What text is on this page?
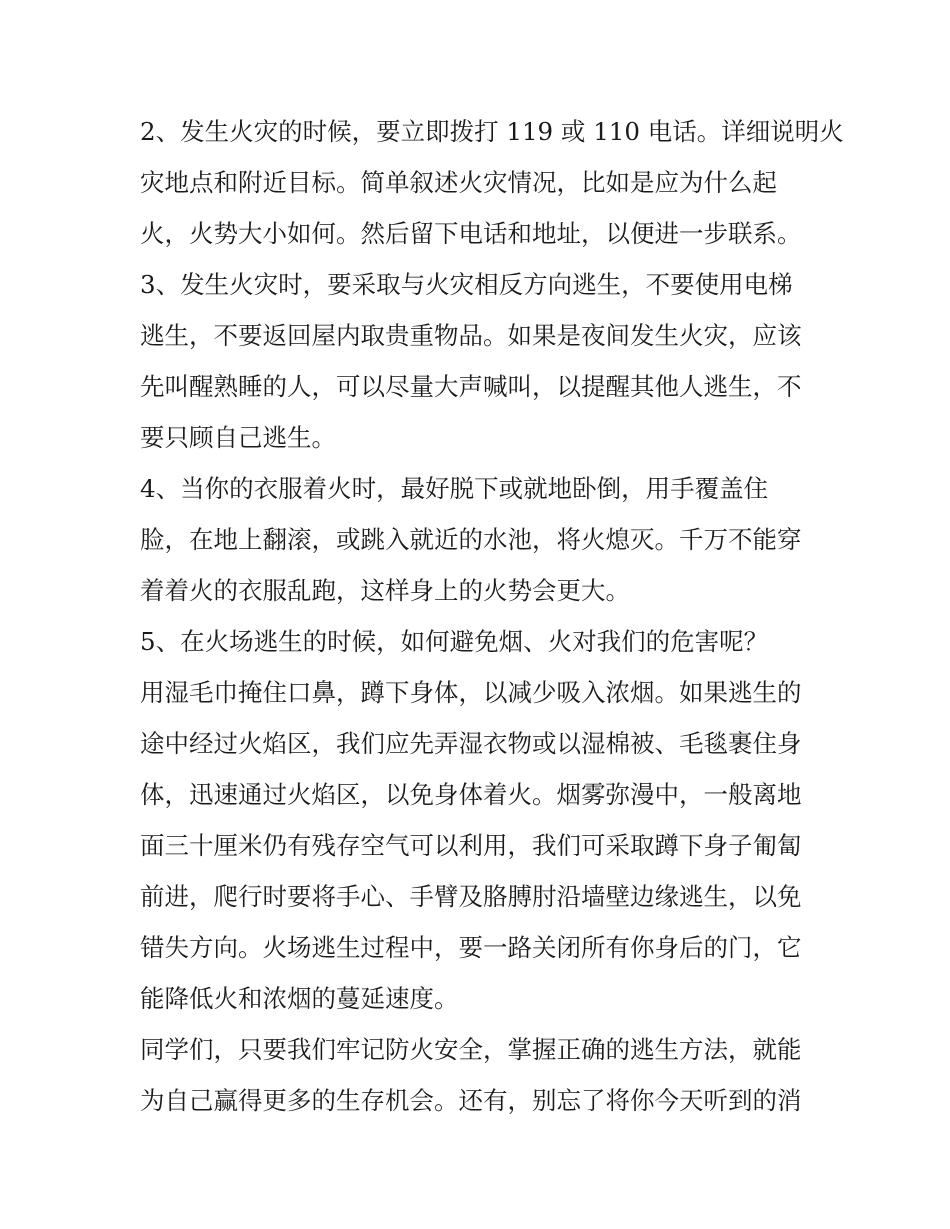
2、发生火灾的时候，要立即拨打 119 或 110 电话。详细说明火
灾地点和附近目标。简单叙述火灾情况，比如是应为什么起
火，火势大小如何。然后留下电话和地址，以便进一步联系。
3、发生火灾时，要采取与火灾相反方向逃生，不要使用电梯
逃生，不要返回屋内取贵重物品。如果是夜间发生火灾，应该
先叫醒熟睡的人，可以尽量大声喊叫，以提醒其他人逃生，不
要只顾自己逃生。
4、当你的衣服着火时，最好脱下或就地卧倒，用手覆盖住
脸，在地上翻滚，或跳入就近的水池，将火熄灭。千万不能穿
着着火的衣服乱跑，这样身上的火势会更大。
5、在火场逃生的时候，如何避免烟、火对我们的危害呢？
用湿毛巾掩住口鼻，蹲下身体，以减少吸入浓烟。如果逃生的
途中经过火焰区，我们应先弄湿衣物或以湿棉被、毛毯裹住身
体，迅速通过火焰区，以免身体着火。烟雾弥漫中，一般离地
面三十厘米仍有残存空气可以利用，我们可采取蹲下身子匍匐
前进，爬行时要将手心、手臂及胳膊肘沿墙壁边缘逃生，以免
错失方向。火场逃生过程中，要一路关闭所有你身后的门，它
能降低火和浓烟的蔓延速度。
同学们，只要我们牢记防火安全，掌握正确的逃生方法，就能
为自己赢得更多的生存机会。还有，别忘了将你今天听到的消
